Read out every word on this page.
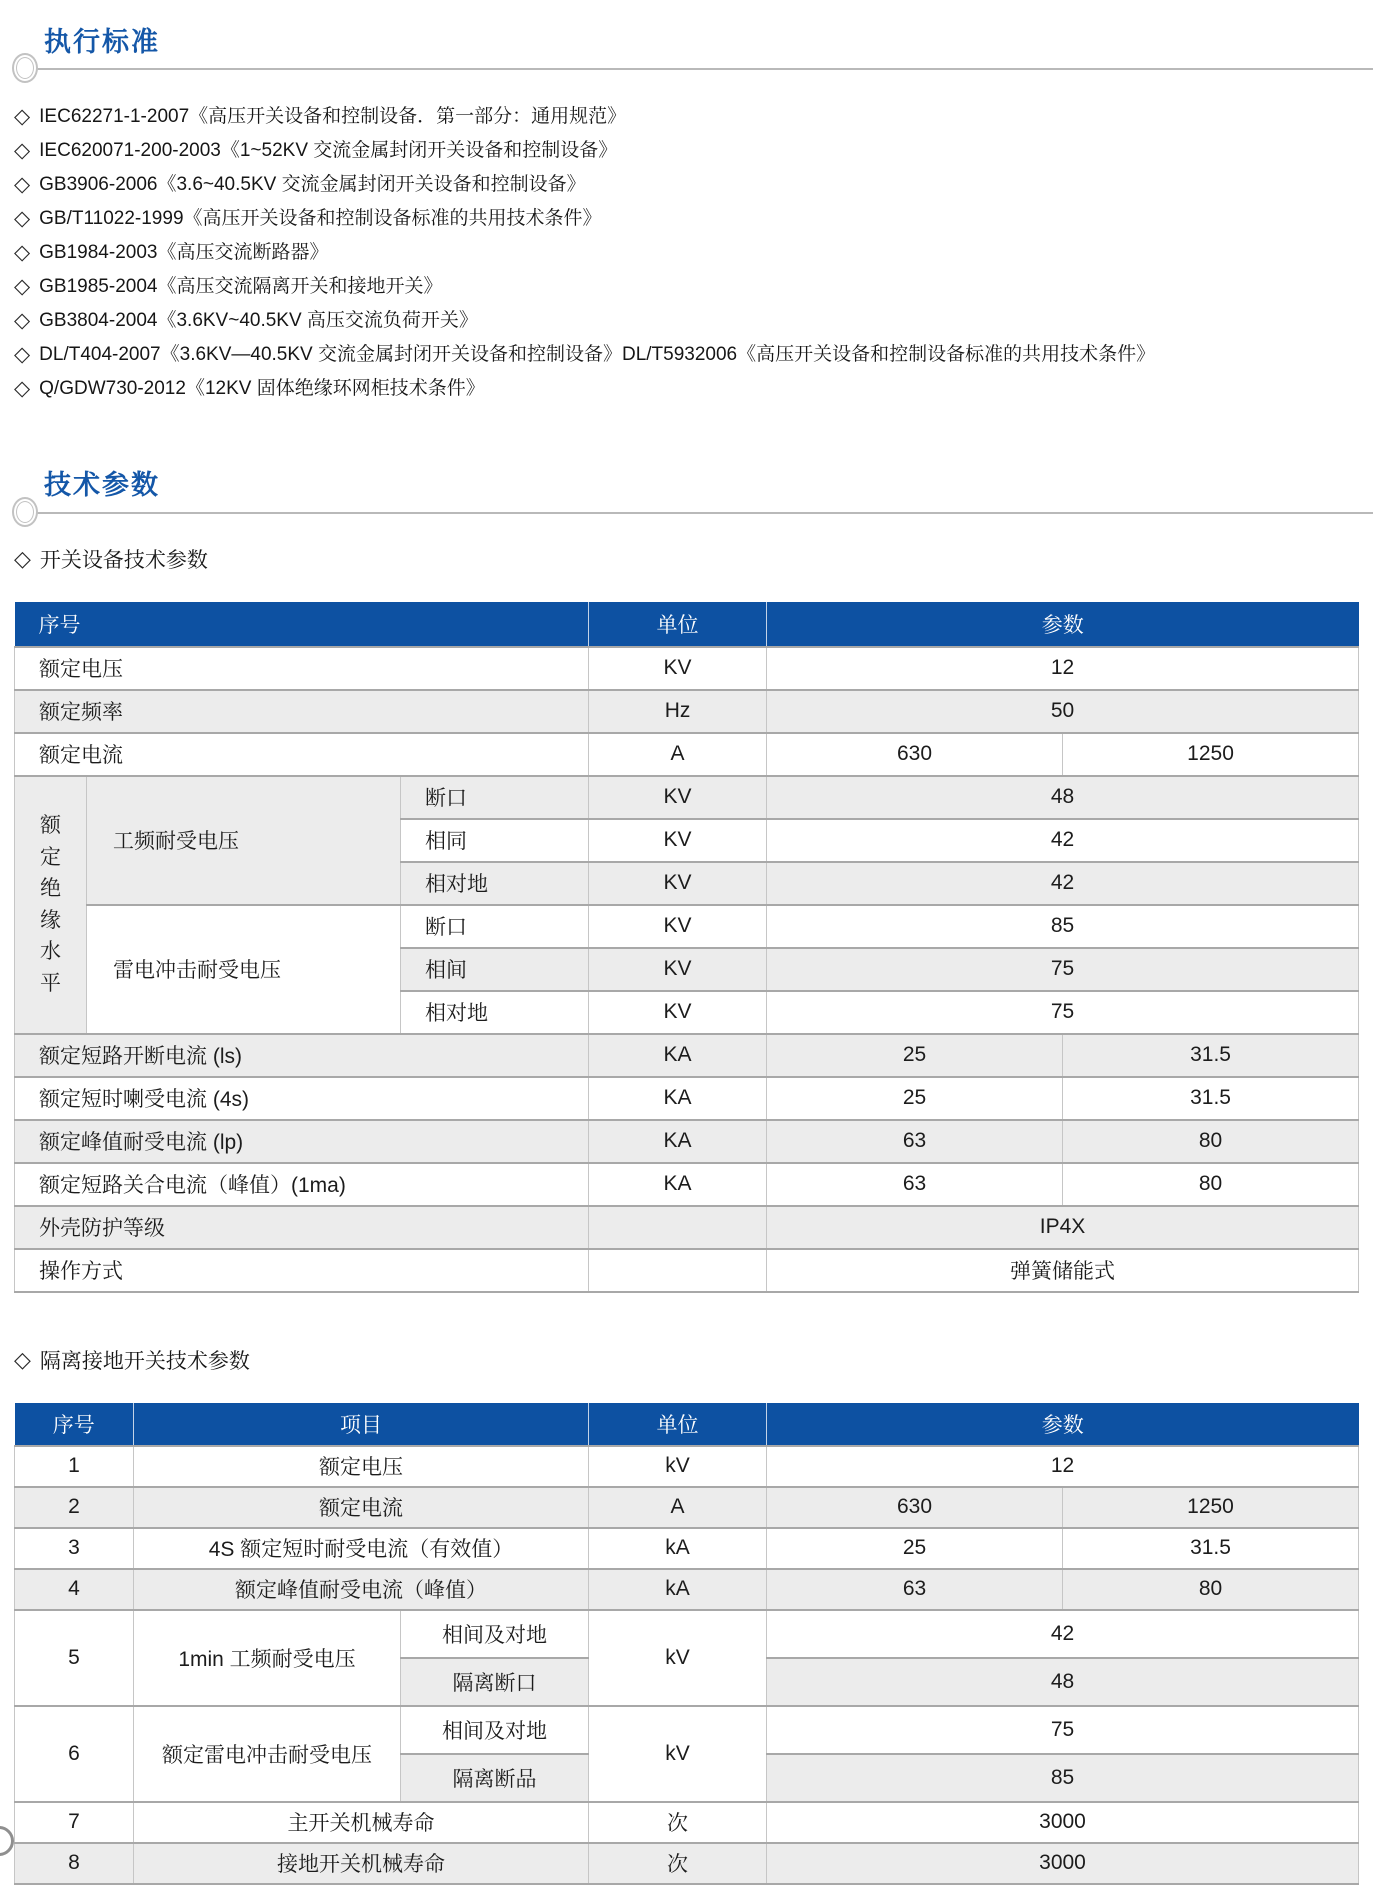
执行标准
◇ IEC62271-1-2007《高压开关设备和控制设备．第一部分：通用规范》
◇ IEC620071-200-2003《1~52KV 交流金属封闭开关设备和控制设备》
◇ GB3906-2006《3.6~40.5KV 交流金属封闭开关设备和控制设备》
◇ GB/T11022-1999《高压开关设备和控制设备标准的共用技术条件》
◇ GB1984-2003《高压交流断路器》
◇ GB1985-2004《高压交流隔离开关和接地开关》
◇ GB3804-2004《3.6KV~40.5KV 高压交流负荷开关》
◇ DL/T404-2007《3.6KV—40.5KV 交流金属封闭开关设备和控制设备》DL/T5932006《高压开关设备和控制设备标准的共用技术条件》
◇ Q/GDW730-2012《12KV 固体绝缘环网柜技术条件》
技术参数
◇ 开关设备技术参数
序号			单位	参数	
额定电压			KV	12	
额定频率			Hz	50	
额定电流			A	630	1250

额定绝缘水平	工频耐受电压	断口	KV	48	
		相同	KV	42	
		相对地	KV	42	
	雷电冲击耐受电压	断口	KV	85	
		相间	KV	75	
		相对地	KV	75	
额定短路开断电流 (ls)			KA	25	31.5
额定短时喇受电流 (4s)			KA	25	31.5
额定峰值耐受电流 (lp)			KA	63	80
额定短路关合电流（峰值）(1ma)			KA	63	80
外壳防护等级				IP4X	
操作方式				弹簧储能式	
◇ 隔离接地开关技术参数
序号	项目		单位	参数	
1	额定电压		kV	12	
2	额定电流		A	630	1250
3	4S 额定短时耐受电流（有效值）		kA	25	31.5
4	额定峰值耐受电流（峰值）		kA	63	80
5	1min 工频耐受电压	相间及对地	kV	42	
		隔离断口		48	
6	额定雷电冲击耐受电压	相间及对地	kV	75	
		隔离断品		85	
7	主开关机械寿命		次	3000	
8	接地开关机械寿命		次	3000	
